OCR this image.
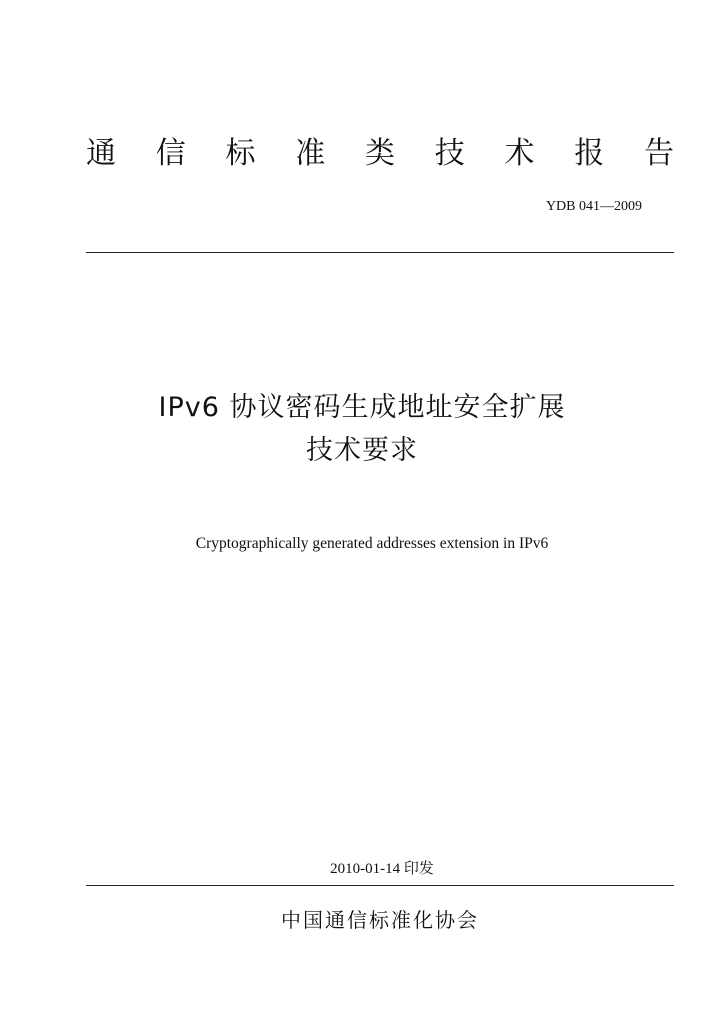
通 信 标 准 类 技 术 报 告
YDB 041—2009
IPv6 协议密码生成地址安全扩展
技术要求
Cryptographically generated addresses extension in IPv6
2010-01-14 印发
中国通信标准化协会
